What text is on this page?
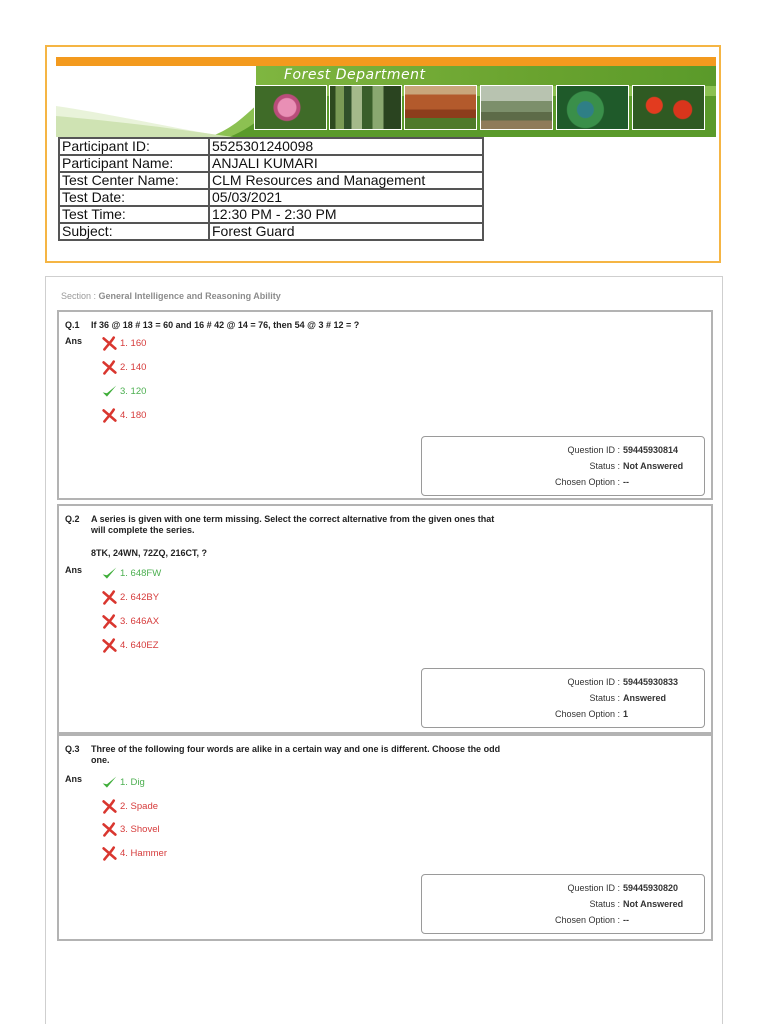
Forest Department
Participant ID:	5525301240098
Participant Name:	ANJALI KUMARI
Test Center Name:	CLM Resources and Management
Test Date:	05/03/2021
Test Time:	12:30 PM - 2:30 PM
Subject:	Forest Guard
Section : General Intelligence and Reasoning Ability
Q.1 If 36 @ 18 # 13 = 60 and 16 # 42 @ 14 = 76, then 54 @ 3 # 12 = ?
Ans	1. 160
2. 140
3. 120
4. 180
Question ID : 59445930814
Status : Not Answered
Chosen Option : --
Q.2 A series is given with one term missing. Select the correct alternative from the given ones that will complete the series.
8TK, 24WN, 72ZQ, 216CT, ?
Ans	1. 648FW
2. 642BY
3. 646AX
4. 640EZ
Question ID : 59445930833
Status : Answered
Chosen Option : 1
Q.3 Three of the following four words are alike in a certain way and one is different. Choose the odd one.
Ans	1. Dig
2. Spade
3. Shovel
4. Hammer
Question ID : 59445930820
Status : Not Answered
Chosen Option : --
